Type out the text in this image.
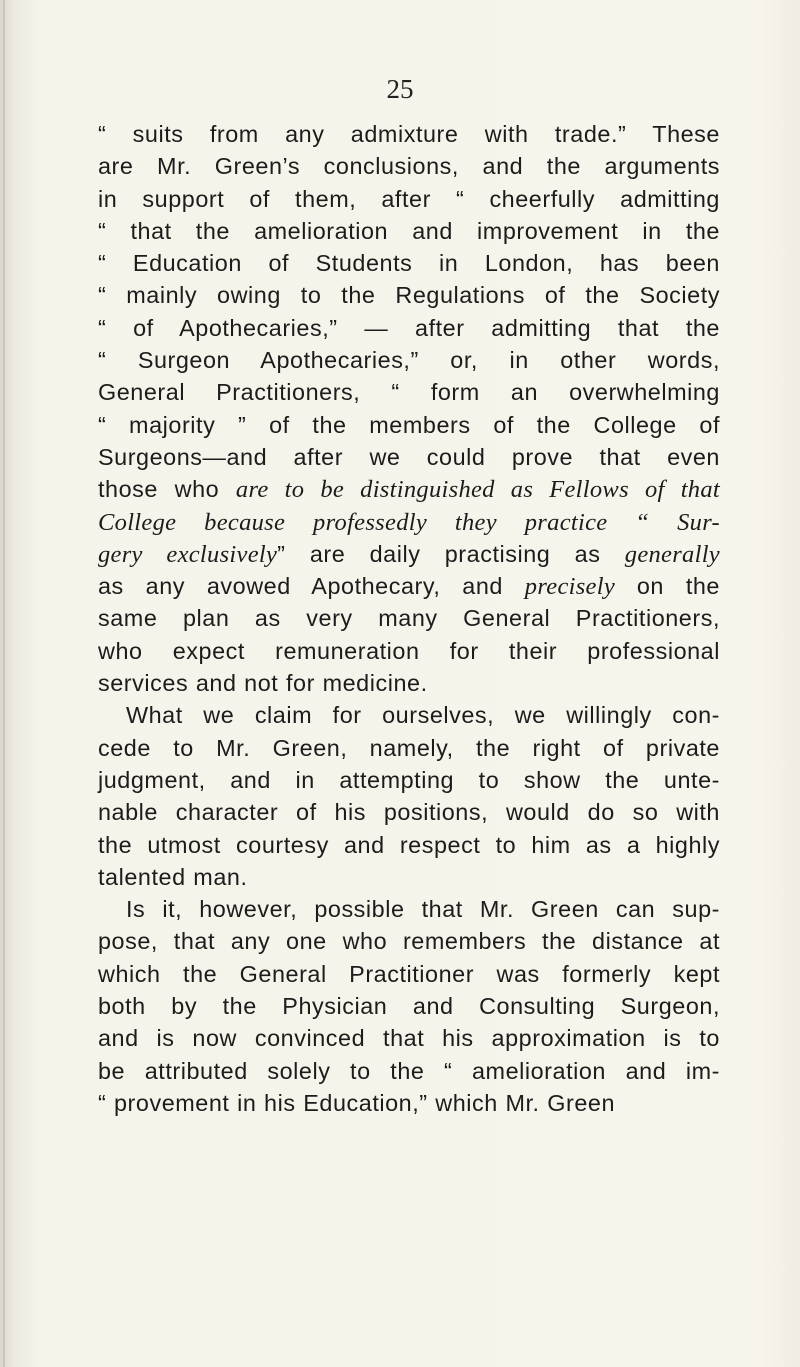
25
“ suits from any admixture with trade.” These
are Mr. Green’s conclusions, and the arguments
in support of them, after “ cheerfully admitting
“ that the amelioration and improvement in the
“ Education of Students in London, has been
“ mainly owing to the Regulations of the Society
“ of Apothecaries,” — after admitting that the
“ Surgeon Apothecaries,” or, in other words,
General Practitioners, “ form an overwhelming
“ majority ” of the members of the College of
Surgeons—and after we could prove that even
those who are to be distinguished as Fellows of that
College because professedly they practice “ Sur-
gery exclusively” are daily practising as generally
as any avowed Apothecary, and precisely on the
same plan as very many General Practitioners,
who expect remuneration for their professional
services and not for medicine.
What we claim for ourselves, we willingly con-
cede to Mr. Green, namely, the right of private
judgment, and in attempting to show the unte-
nable character of his positions, would do so with
the utmost courtesy and respect to him as a highly
talented man.
Is it, however, possible that Mr. Green can sup-
pose, that any one who remembers the distance at
which the General Practitioner was formerly kept
both by the Physician and Consulting Surgeon,
and is now convinced that his approximation is to
be attributed solely to the “ amelioration and im-
“ provement in his Education,” which Mr. Green
